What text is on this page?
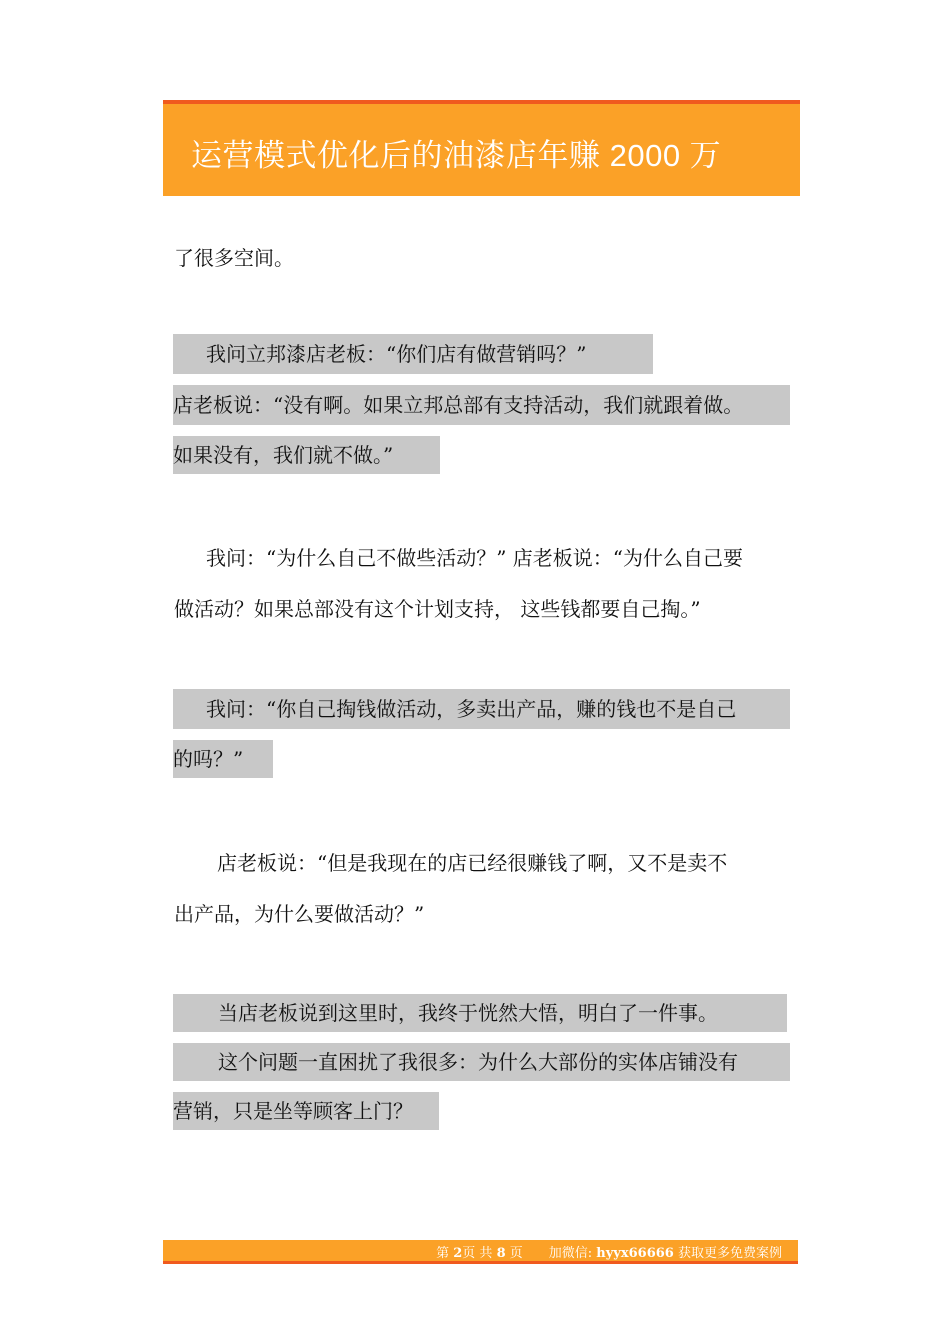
运营模式优化后的油漆店年赚 2000 万
了很多空间。
我问立邦漆店老板：“你们店有做营销吗？”
店老板说：“没有啊。如果立邦总部有支持活动，我们就跟着做。
如果没有，我们就不做。”
我问：“为什么自己不做些活动？” 店老板说：“为什么自己要
做活动？如果总部没有这个计划支持， 这些钱都要自己掏。”
我问：“你自己掏钱做活动，多卖出产品，赚的钱也不是自己
的吗？”
店老板说：“但是我现在的店已经很赚钱了啊，又不是卖不
出产品，为什么要做活动？”
当店老板说到这里时，我终于恍然大悟，明白了一件事。
这个问题一直困扰了我很多：为什么大部份的实体店铺没有
营销，只是坐等顾客上门？
第 2页 共 8 页 加微信: hyyx66666 获取更多免费案例
